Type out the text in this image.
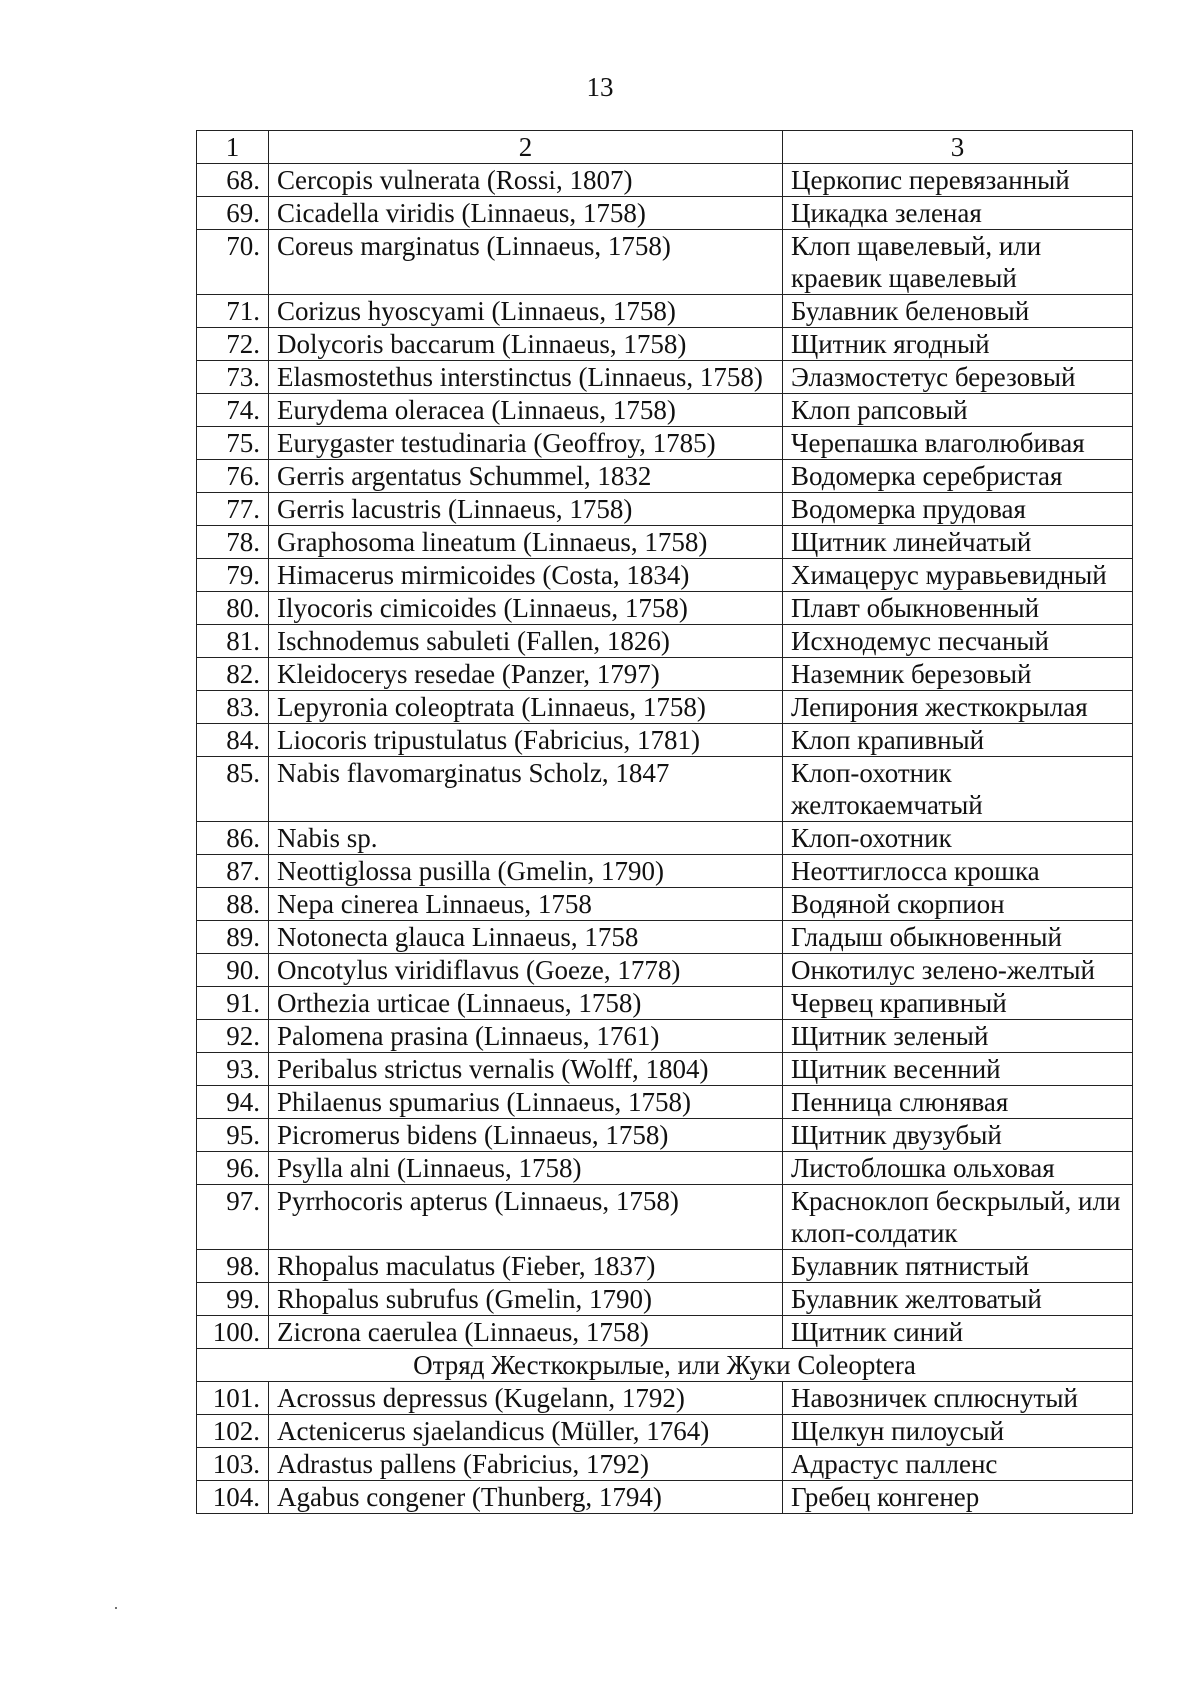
13
1	2	3
68.	Cercopis vulnerata (Rossi, 1807)	Церкопис перевязанный
69.	Cicadella viridis (Linnaeus, 1758)	Цикадка зеленая
70.	Coreus marginatus (Linnaeus, 1758)	Клоп щавелевый, или краевик щавелевый
71.	Corizus hyoscyami (Linnaeus, 1758)	Булавник беленовый
72.	Dolycoris baccarum (Linnaeus, 1758)	Щитник ягодный
73.	Elasmostethus interstinctus (Linnaeus, 1758)	Элазмостетус березовый
74.	Eurydema oleracea (Linnaeus, 1758)	Клоп рапсовый
75.	Eurygaster testudinaria (Geoffroy, 1785)	Черепашка влаголюбивая
76.	Gerris argentatus Schummel, 1832	Водомерка серебристая
77.	Gerris lacustris (Linnaeus, 1758)	Водомерка прудовая
78.	Graphosoma lineatum (Linnaeus, 1758)	Щитник линейчатый
79.	Himacerus mirmicoides (Costa, 1834)	Химацерус муравьевидный
80.	Ilyocoris cimicoides (Linnaeus, 1758)	Плавт обыкновенный
81.	Ischnodemus sabuleti (Fallen, 1826)	Исхнодемус песчаный
82.	Kleidocerys resedae (Panzer, 1797)	Наземник березовый
83.	Lepyronia coleoptrata (Linnaeus, 1758)	Лепирония жесткокрылая
84.	Liocoris tripustulatus (Fabricius, 1781)	Клоп крапивный
85.	Nabis flavomarginatus Scholz, 1847	Клоп-охотник желтокаемчатый
86.	Nabis sp.	Клоп-охотник
87.	Neottiglossa pusilla (Gmelin, 1790)	Неоттиглосса крошка
88.	Nepa cinerea Linnaeus, 1758	Водяной скорпион
89.	Notonecta glauca Linnaeus, 1758	Гладыш обыкновенный
90.	Oncotylus viridiflavus (Goeze, 1778)	Онкотилус зелено-желтый
91.	Orthezia urticae (Linnaeus, 1758)	Червец крапивный
92.	Palomena prasina (Linnaeus, 1761)	Щитник зеленый
93.	Peribalus strictus vernalis (Wolff, 1804)	Щитник весенний
94.	Philaenus spumarius (Linnaeus, 1758)	Пенница слюнявая
95.	Picromerus bidens (Linnaeus, 1758)	Щитник двузубый
96.	Psylla alni (Linnaeus, 1758)	Листоблошка ольховая
97.	Pyrrhocoris apterus (Linnaeus, 1758)	Красноклоп бескрылый, или клоп-солдатик
98.	Rhopalus maculatus (Fieber, 1837)	Булавник пятнистый
99.	Rhopalus subrufus (Gmelin, 1790)	Булавник желтоватый
100.	Zicrona caerulea (Linnaeus, 1758)	Щитник синий
Отряд Жесткокрылые, или Жуки Coleoptera		
101.	Acrossus depressus (Kugelann, 1792)	Навозничек сплюснутый
102.	Actenicerus sjaelandicus (Müller, 1764)	Щелкун пилоусый
103.	Adrastus pallens (Fabricius, 1792)	Адрастус палленс
104.	Agabus congener (Thunberg, 1794)	Гребец конгенер
